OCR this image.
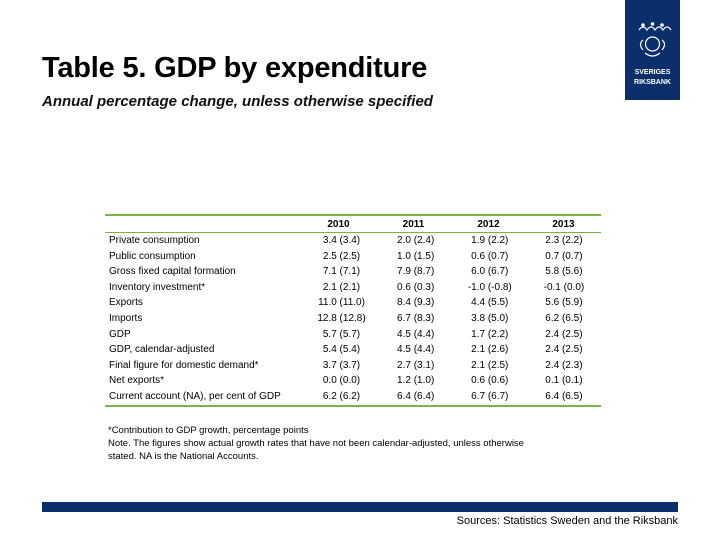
Table 5. GDP by expenditure
Annual percentage change, unless otherwise specified
SVERIGES
RIKSBANK
	2010	2011	2012	2013
Private consumption	3.4 (3.4)	2.0 (2.4)	1.9 (2.2)	2.3 (2.2)
Public consumption	2.5 (2.5)	1.0 (1.5)	0.6 (0.7)	0.7 (0.7)
Gross fixed capital formation	7.1 (7.1)	7.9 (8.7)	6.0 (6.7)	5.8 (5.6)
Inventory investment*	2.1 (2.1)	0.6 (0.3)	-1.0 (-0.8)	-0.1 (0.0)
Exports	11.0 (11.0)	8.4 (9.3)	4.4 (5.5)	5.6 (5.9)
Imports	12.8 (12.8)	6.7 (8.3)	3.8 (5.0)	6.2 (6.5)
GDP	5.7 (5.7)	4.5 (4.4)	1.7 (2.2)	2.4 (2.5)
GDP, calendar-adjusted	5.4 (5.4)	4.5 (4.4)	2.1 (2.6)	2.4 (2.5)
Final figure for domestic demand*	3.7 (3.7)	2.7 (3.1)	2.1 (2.5)	2.4 (2.3)
Net exports*	0.0 (0.0)	1.2 (1.0)	0.6 (0.6)	0.1 (0.1)
Current account (NA), per cent of GDP	6.2 (6.2)	6.4 (6.4)	6.7 (6.7)	6.4 (6.5)
*Contribution to GDP growth, percentage points
Note. The figures show actual growth rates that have not been calendar-adjusted, unless otherwise
stated. NA is the National Accounts.
Sources: Statistics Sweden and the Riksbank
